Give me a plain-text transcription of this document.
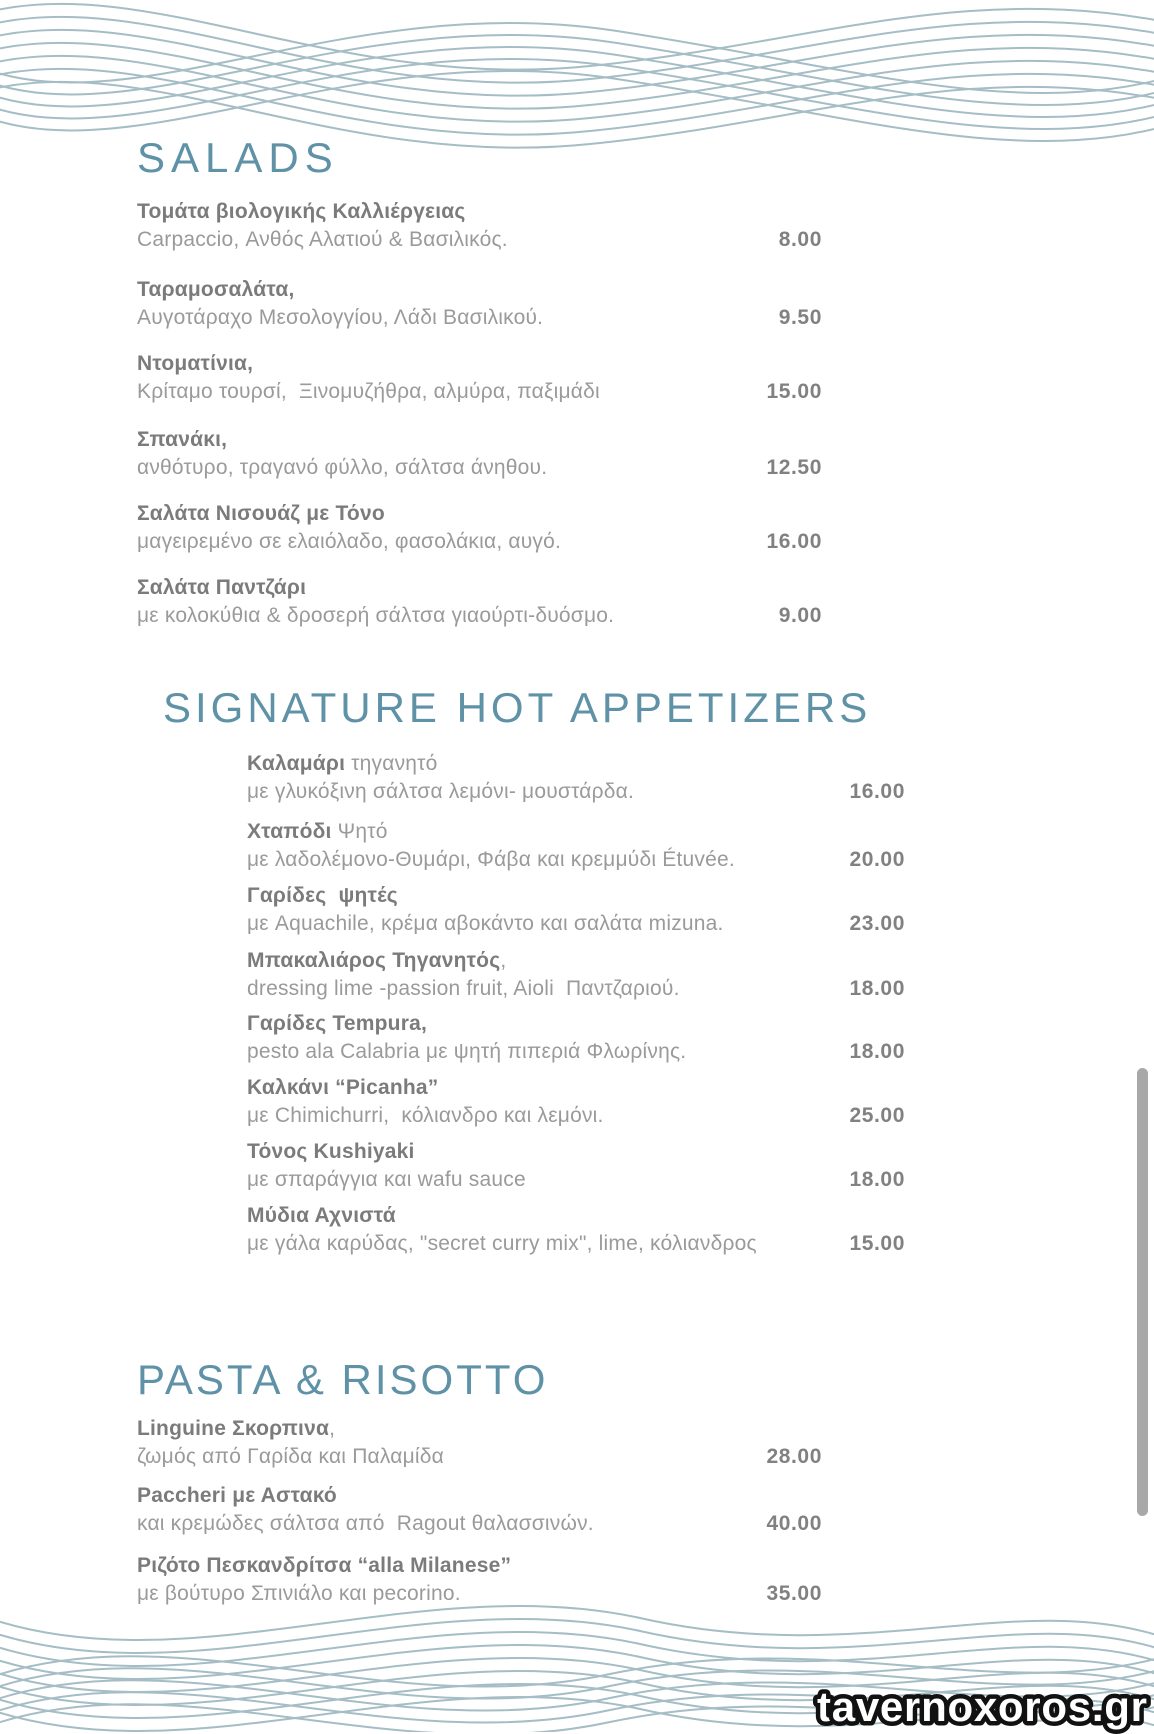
SALADS
SIGNATURE HOT APPETIZERS
PASTA & RISOTTO
Τομάτα βιολογικής Καλλιέργειας
Carpaccio, Ανθός Αλατιού & Βασιλικός.	8.00
Ταραμοσαλάτα,
Αυγοτάραχο Μεσολογγίου, Λάδι Βασιλικού.	9.50
Ντοματίνια,
Κρίταμο τουρσί,  Ξινομυζήθρα, αλμύρα, παξιμάδι	15.00
Σπανάκι,
ανθότυρο, τραγανό φύλλο, σάλτσα άνηθου.	12.50
Σαλάτα Νισουάζ με Τόνο
μαγειρεμένο σε ελαιόλαδο, φασολάκια, αυγό.	16.00
Σαλάτα Παντζάρι
με κολοκύθια & δροσερή σάλτσα γιαούρτι-δυόσμο.	9.00
Καλαμάρι τηγανητό
με γλυκόξινη σάλτσα λεμόνι- μουστάρδα.	16.00
Χταπόδι Ψητό
με λαδολέμονο-Θυμάρι, Φάβα και κρεμμύδι Étuvée.	20.00
Γαρίδες  ψητές
με Aquachile, κρέμα αβοκάντο και σαλάτα mizuna.	23.00
Μπακαλιάρος Τηγανητός,
dressing lime -passion fruit, Aioli  Παντζαριού.	18.00
Γαρίδες Tempura,
pesto ala Calabria με ψητή πιπεριά Φλωρίνης.	18.00
Καλκάνι “Picanha”
με Chimichurri,  κόλιανδρο και λεμόνι.	25.00
Τόνος Kushiyaki
με σπαράγγια και wafu sauce	18.00
Μύδια Αχνιστά
με γάλα καρύδας, "secret curry mix", lime, κόλιανδρος	15.00
Linguine Σκορπινα,
ζωμός από Γαρίδα και Παλαμίδα	28.00
Paccheri με Αστακό
και κρεμώδες σάλτσα από  Ragout θαλασσινών.	40.00
Ριζότο Πεσκανδρίτσα “alla Milanese”
με βούτυρο Σπινιάλο και pecorino.	35.00
tavernoxoros.gr
